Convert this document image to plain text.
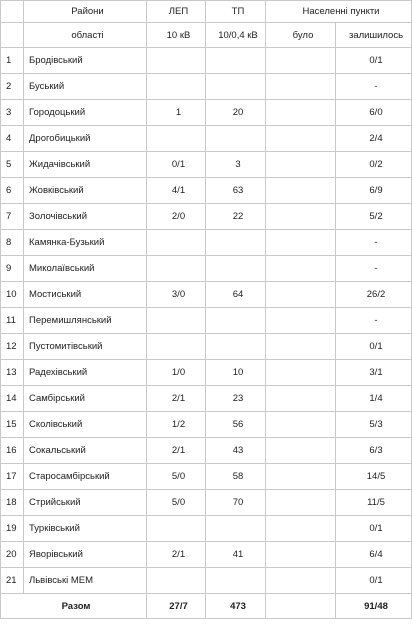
	Райони	ЛЕП	ТП	Населенні пункти	
	області	10 кВ	10/0,4 кВ	було	залишилось
1	Бродівський				0/1
2	Буський				-
3	Городоцький	1	20		6/0
4	Дрогобицький				2/4
5	Жидачівський	0/1	3		0/2
6	Жовківський	4/1	63		6/9
7	Золочівський	2/0	22		5/2
8	Камянка-Бузький				-
9	Миколаївський				-
10	Мостиський	3/0	64		26/2
11	Перемишлянський				-
12	Пустомитівський				0/1
13	Радехівський	1/0	10		3/1
14	Самбірський	2/1	23		1/4
15	Сколівський	1/2	56		5/3
16	Сокальський	2/1	43		6/3
17	Старосамбірський	5/0	58		14/5
18	Стрийський	5/0	70		11/5
19	Турківський				0/1
20	Яворівський	2/1	41		6/4
21	Львівські МЕМ				0/1
Разом		27/7	473		91/48
